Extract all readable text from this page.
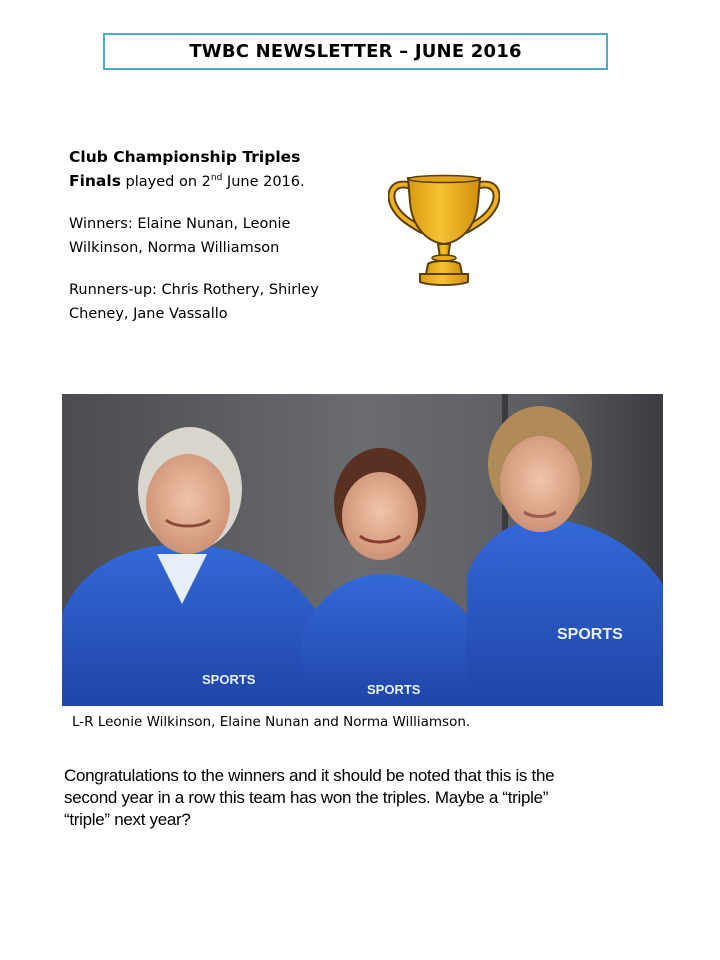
TWBC NEWSLETTER – JUNE 2016

Club Championship Triples

Finals played on 2nd June 2016.

Winners: Elaine Nunan, Leonie

Wilkinson, Norma Williamson

Runners-up: Chris Rothery, Shirley

Cheney, Jane Vassallo

SPORTS
SPORTS
SPORTS
L-R Leonie Wilkinson, Elaine Nunan and Norma Williamson.

Congratulations to the winners and it should be noted that this is the

second year in a row this team has won the triples. Maybe a “triple”

“triple” next year?
